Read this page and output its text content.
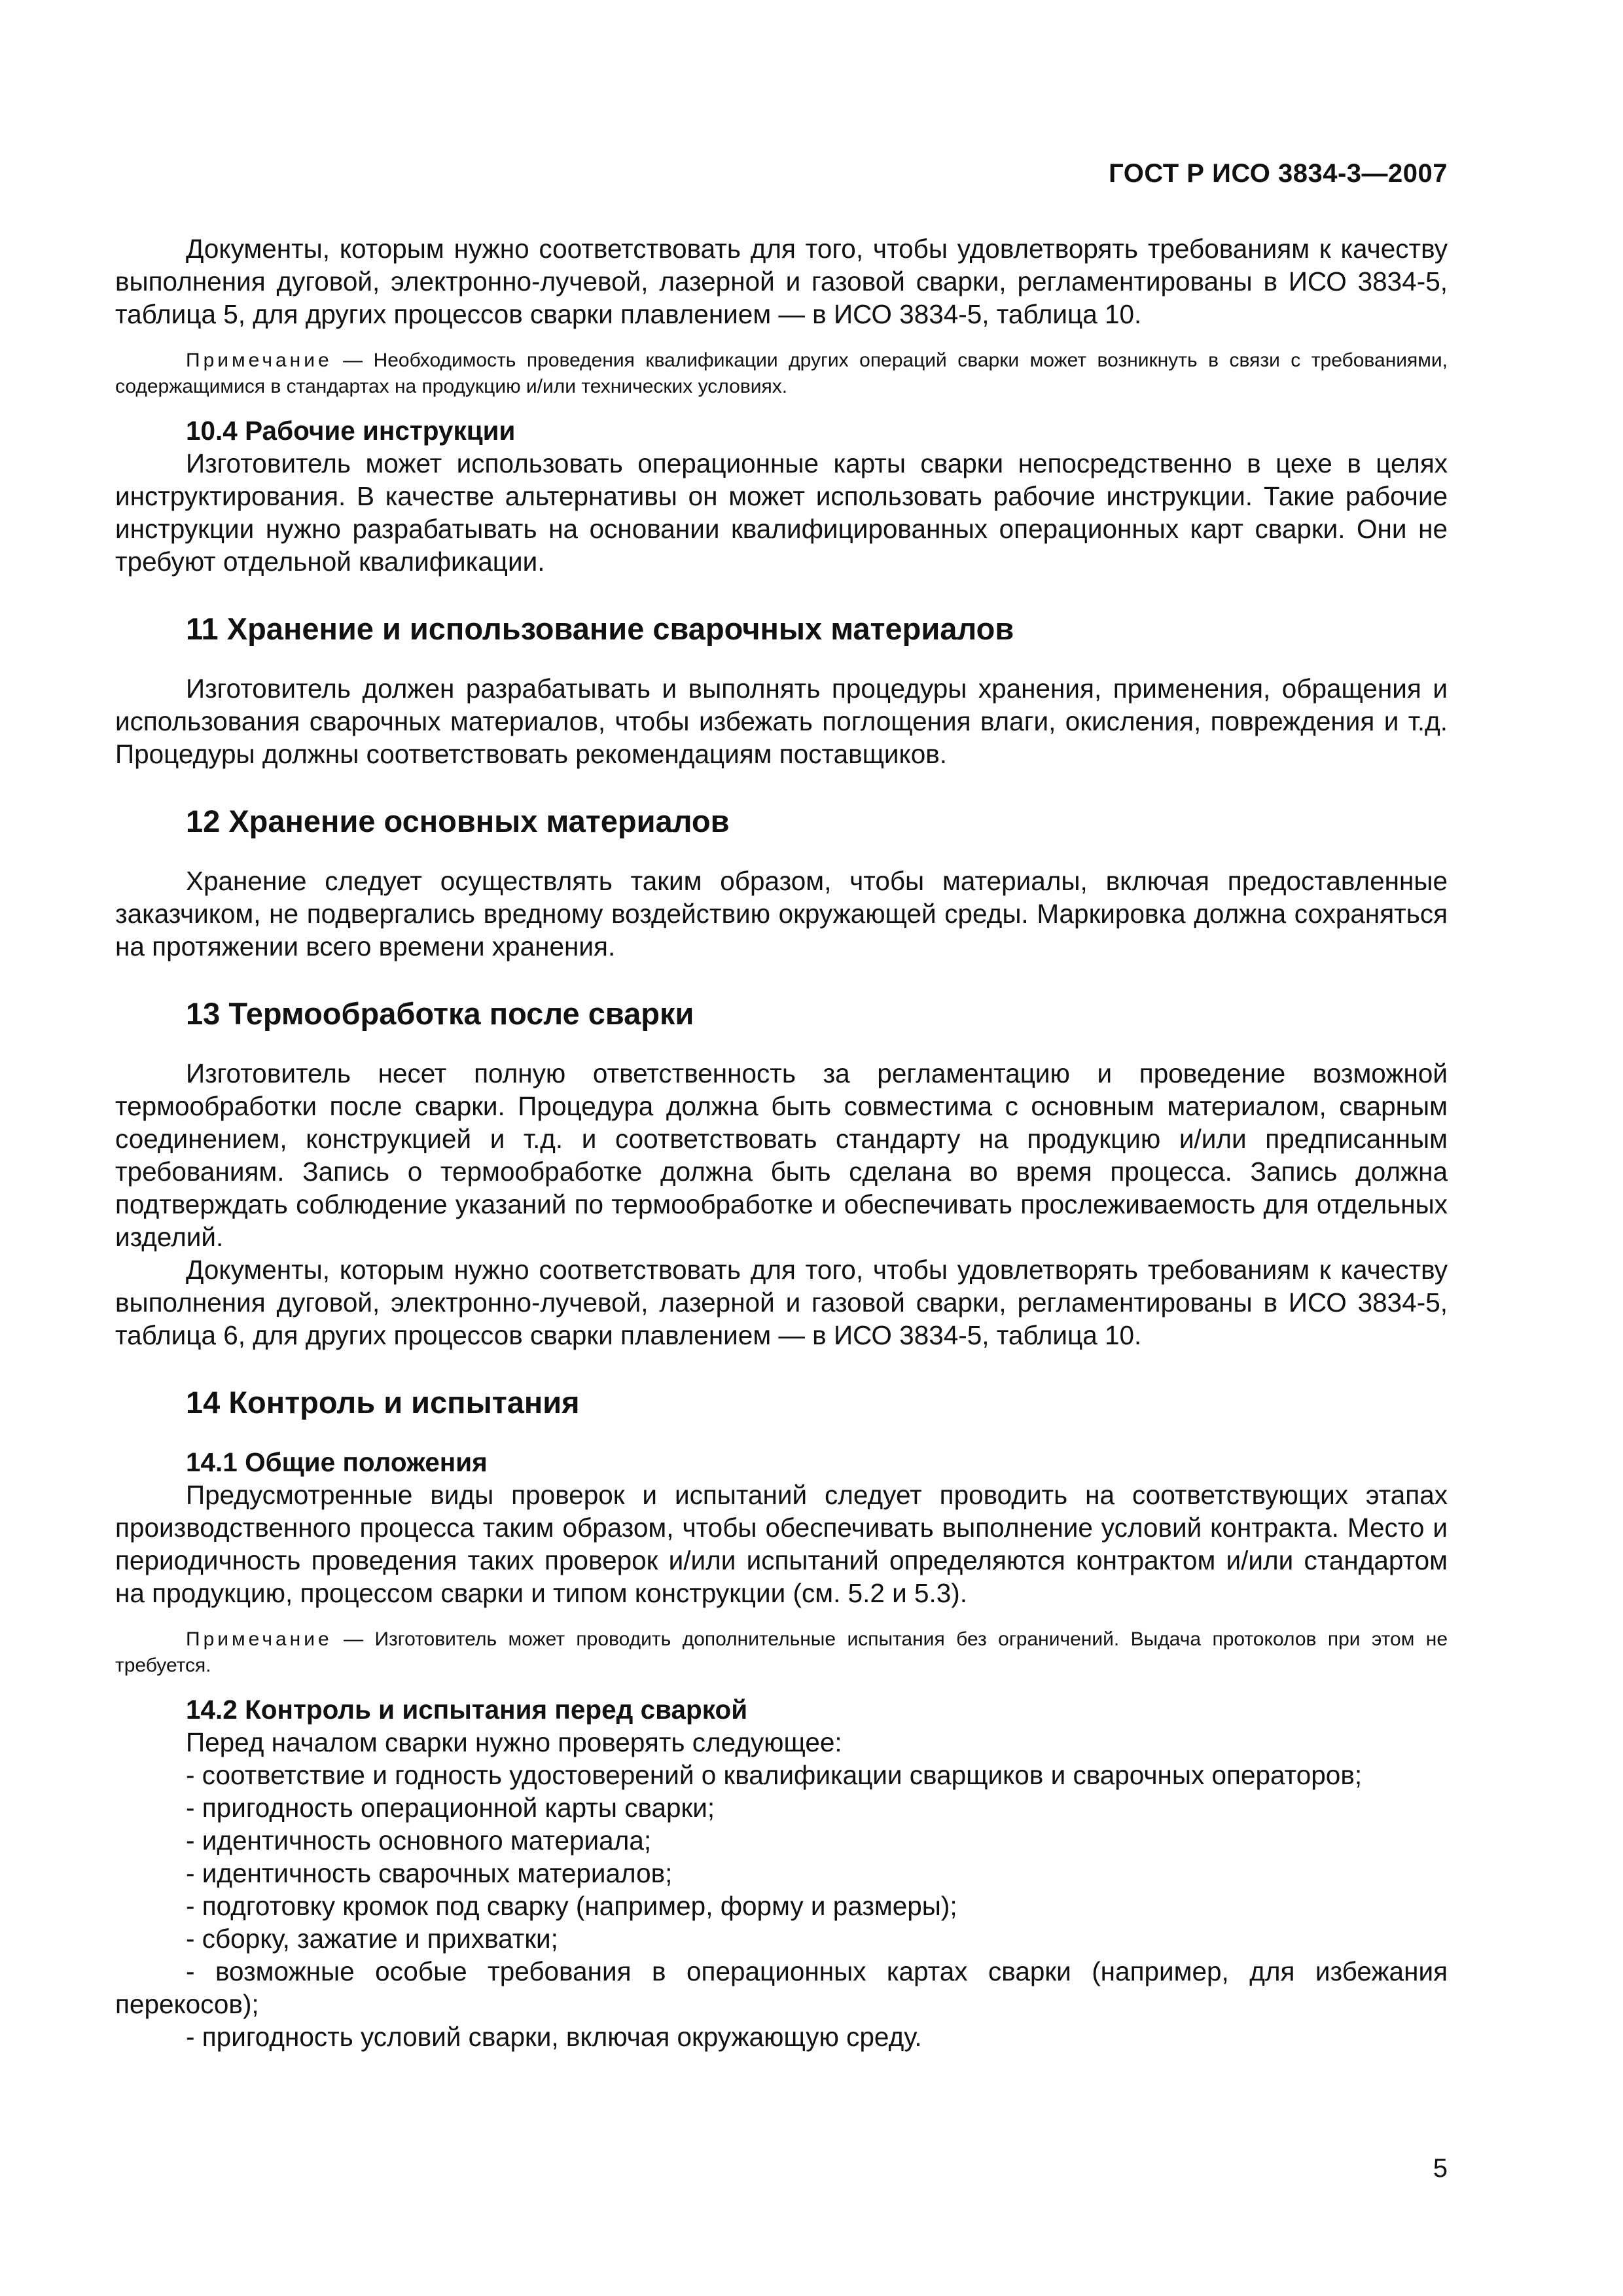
ГОСТ Р ИСО 3834-3—2007

Документы, которым нужно соответствовать для того, чтобы удовлетворять требованиям к качеству выполнения дуговой, электронно-лучевой, лазерной и газовой сварки, регламентированы в ИСО 3834-5, таблица 5, для других процессов сварки плавлением — в ИСО 3834-5, таблица 10.

Примечание — Необходимость проведения квалификации других операций сварки может возникнуть в связи с требованиями, содержащимися в стандартах на продукцию и/или технических условиях.

10.4 Рабочие инструкции

Изготовитель может использовать операционные карты сварки непосредственно в цехе в целях инструктирования. В качестве альтернативы он может использовать рабочие инструкции. Такие рабочие инструкции нужно разрабатывать на основании квалифицированных операционных карт сварки. Они не требуют отдельной квалификации.

11 Хранение и использование сварочных материалов

Изготовитель должен разрабатывать и выполнять процедуры хранения, применения, обращения и использования сварочных материалов, чтобы избежать поглощения влаги, окисления, повреждения и т.д. Процедуры должны соответствовать рекомендациям поставщиков.

12 Хранение основных материалов

Хранение следует осуществлять таким образом, чтобы материалы, включая предоставленные заказчиком, не подвергались вредному воздействию окружающей среды. Маркировка должна сохраняться на протяжении всего времени хранения.

13 Термообработка после сварки

Изготовитель несет полную ответственность за регламентацию и проведение возможной термообработки после сварки. Процедура должна быть совместима с основным материалом, сварным соединением, конструкцией и т.д. и соответствовать стандарту на продукцию и/или предписанным требованиям. Запись о термообработке должна быть сделана во время процесса. Запись должна подтверждать соблюдение указаний по термообработке и обеспечивать прослеживаемость для отдельных изделий.

Документы, которым нужно соответствовать для того, чтобы удовлетворять требованиям к качеству выполнения дуговой, электронно-лучевой, лазерной и газовой сварки, регламентированы в ИСО 3834-5, таблица 6, для других процессов сварки плавлением — в ИСО 3834-5, таблица 10.

14 Контроль и испытания
14.1 Общие положения

Предусмотренные виды проверок и испытаний следует проводить на соответствующих этапах производственного процесса таким образом, чтобы обеспечивать выполнение условий контракта. Место и периодичность проведения таких проверок и/или испытаний определяются контрактом и/или стандартом на продукцию, процессом сварки и типом конструкции (см. 5.2 и 5.3).

Примечание — Изготовитель может проводить дополнительные испытания без ограничений. Выдача протоколов при этом не требуется.

14.2 Контроль и испытания перед сваркой
Перед началом сварки нужно проверять следующее:
- соответствие и годность удостоверений о квалификации сварщиков и сварочных операторов;
- пригодность операционной карты сварки;
- идентичность основного материала;
- идентичность сварочных материалов;
- подготовку кромок под сварку (например, форму и размеры);
- сборку, зажатие и прихватки;
- возможные особые требования в операционных картах сварки (например, для избежания перекосов);
- пригодность условий сварки, включая окружающую среду.
5
